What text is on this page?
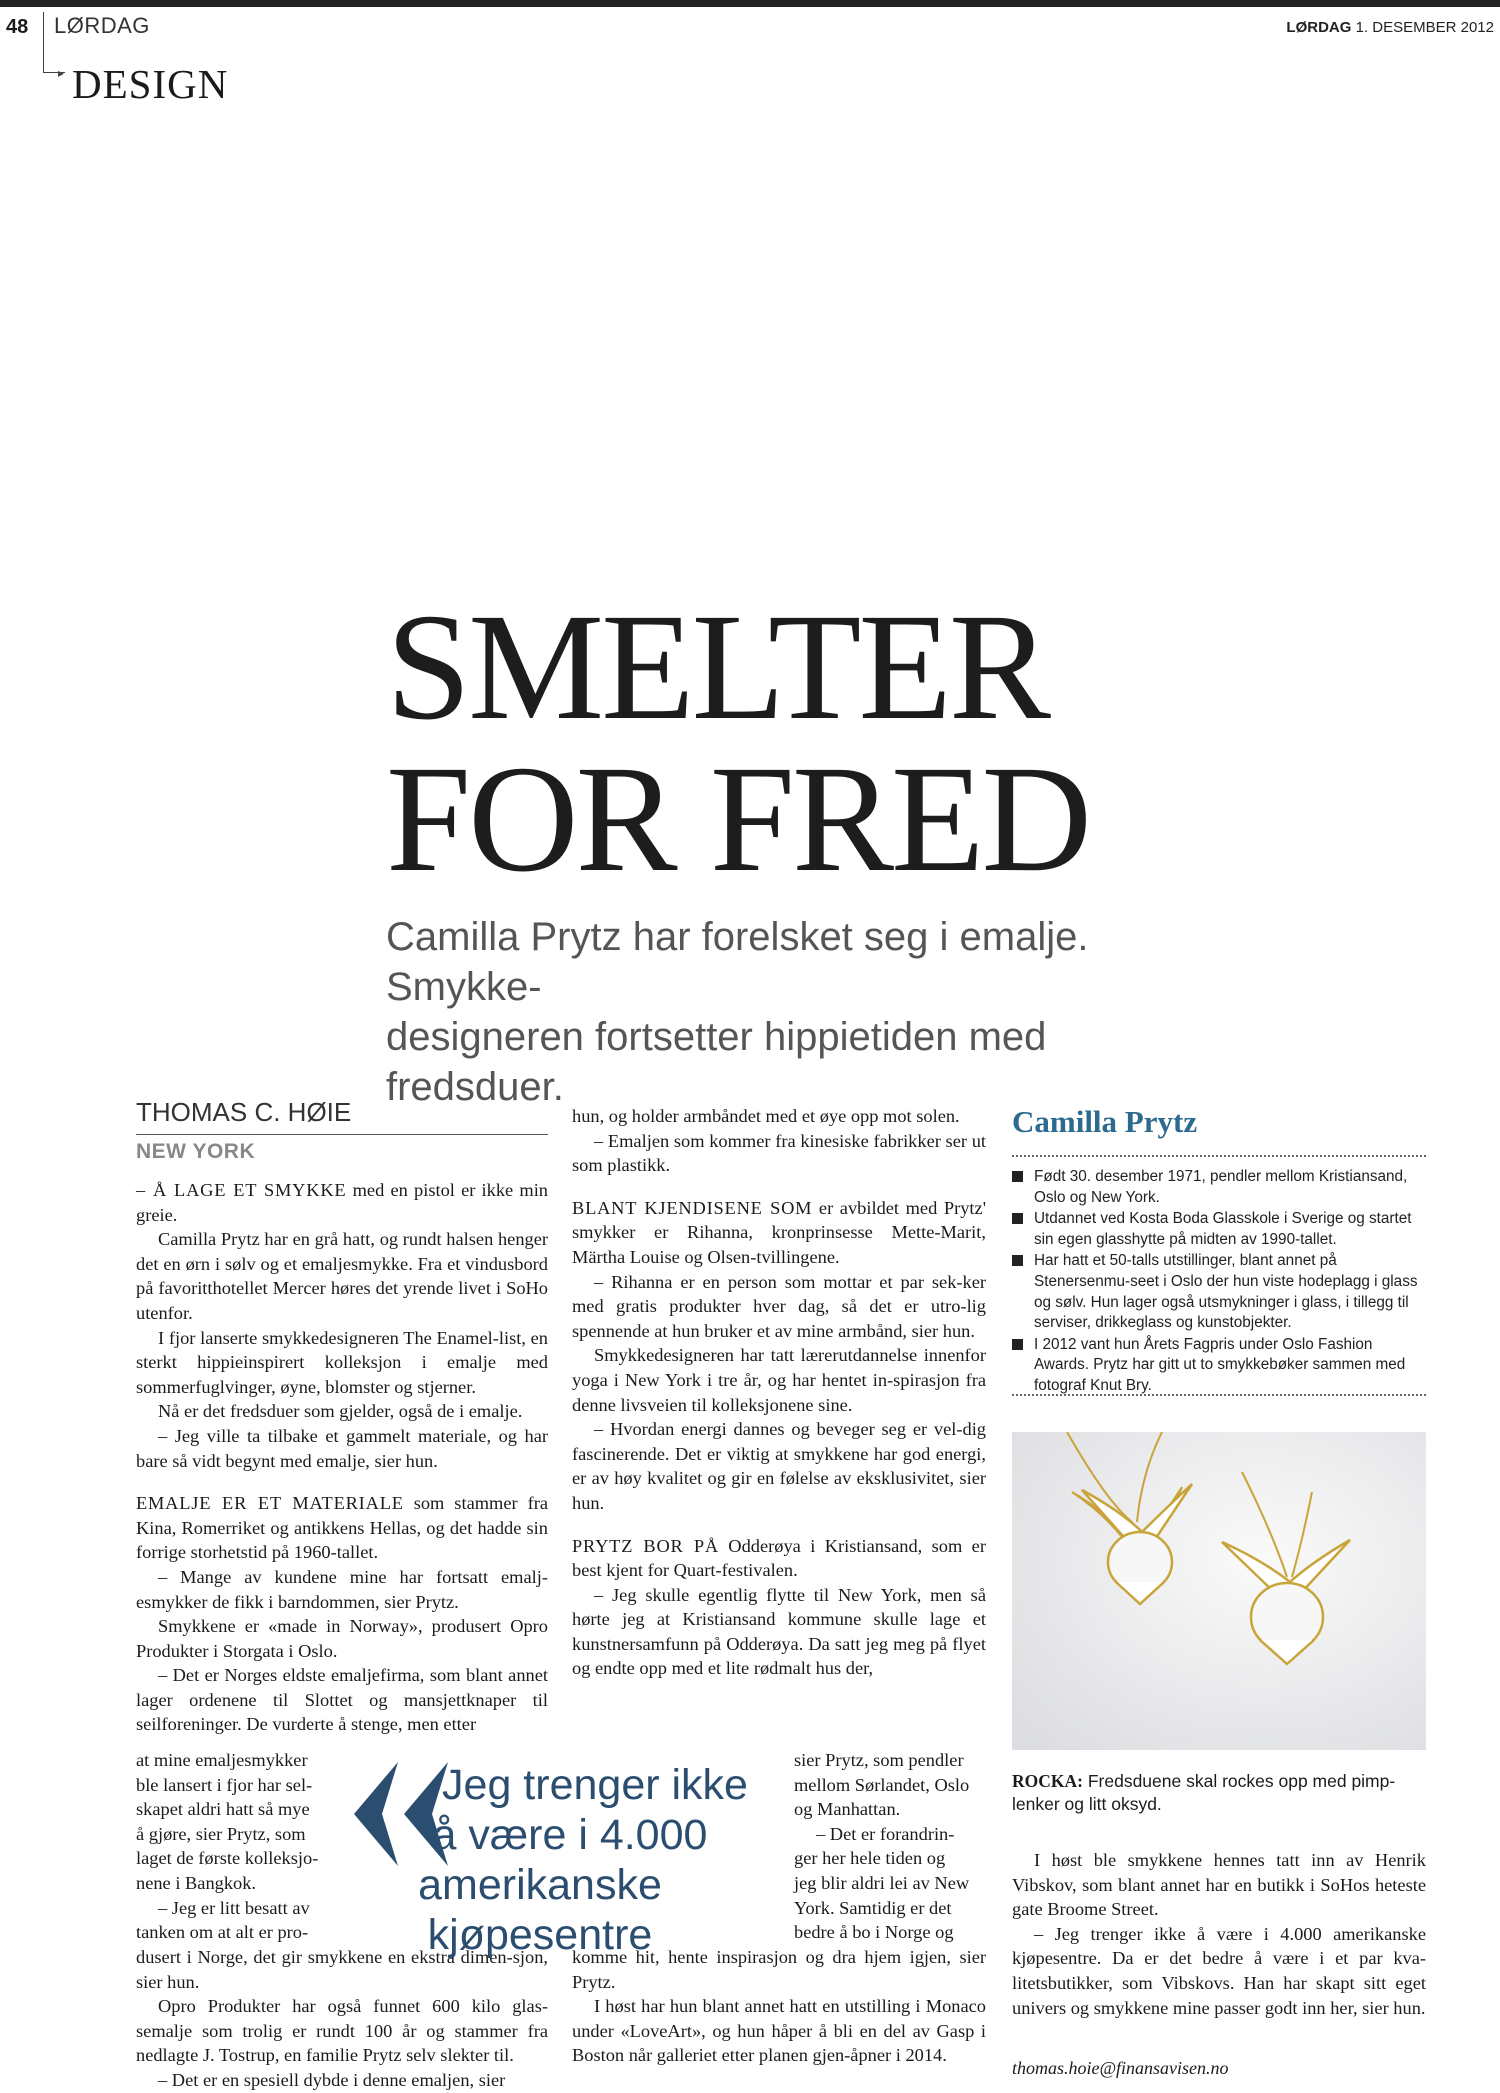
48 LØRDAG	LØRDAG 1. DESEMBER 2012
▸ DESIGN
SMELTER
FOR FRED
Camilla Prytz har forelsket seg i emalje. Smykke-
designeren fortsetter hippietiden med fredsduer.
THOMAS C. HØIE
NEW YORK

– Å LAGE ET SMYKKE med en pistol er ikke min greie.

Camilla Prytz har en grå hatt, og rundt halsen henger det en ørn i sølv og et emaljesmykke. Fra et vindusbord på favoritthotellet Mercer høres det yrende livet i SoHo utenfor.

I fjor lanserte smykkedesigneren The Enamel-list, en sterkt hippieinspirert kolleksjon i emalje med sommerfuglvinger, øyne, blomster og stjerner.

Nå er det fredsduer som gjelder, også de i emalje.

– Jeg ville ta tilbake et gammelt materiale, og har bare så vidt begynt med emalje, sier hun.

EMALJE ER ET MATERIALE som stammer fra Kina, Romerriket og antikkens Hellas, og det hadde sin forrige storhetstid på 1960-tallet.

– Mange av kundene mine har fortsatt emalj-esmykker de fikk i barndommen, sier Prytz.

Smykkene er «made in Norway», produsert Opro Produkter i Storgata i Oslo.

– Det er Norges eldste emaljefirma, som blant annet lager ordenene til Slottet og mansjettknaper til seilforeninger. De vurderte å stenge, men etter

at mine emaljesmykker
ble lansert i fjor har sel-
skapet aldri hatt så mye
å gjøre, sier Prytz, som
laget de første kolleksjo-
nene i Bangkok.
– Jeg er litt besatt av
tanken om at alt er pro-

dusert i Norge, det gir smykkene en ekstra dimen-sjon, sier hun.

Opro Produkter har også funnet 600 kilo glas-semalje som trolig er rundt 100 år og stammer fra nedlagte J. Tostrup, en familie Prytz selv slekter til.

– Det er en spesiell dybde i denne emaljen, sier

hun, og holder armbåndet med et øye opp mot solen.

– Emaljen som kommer fra kinesiske fabrikker ser ut som plastikk.

BLANT KJENDISENE SOM er avbildet med Prytz' smykker er Rihanna, kronprinsesse Mette-Marit, Märtha Louise og Olsen-tvillingene.

– Rihanna er en person som mottar et par sek-ker med gratis produkter hver dag, så det er utro-lig spennende at hun bruker et av mine armbånd, sier hun.

Smykkedesigneren har tatt lærerutdannelse innenfor yoga i New York i tre år, og har hentet in-spirasjon fra denne livsveien til kolleksjonene sine.

– Hvordan energi dannes og beveger seg er vel-dig fascinerende. Det er viktig at smykkene har god energi, er av høy kvalitet og gir en følelse av eksklusivitet, sier hun.

PRYTZ BOR PÅ Odderøya i Kristiansand, som er best kjent for Quart-festivalen.

– Jeg skulle egentlig flytte til New York, men så hørte jeg at Kristiansand kommune skulle lage et kunstnersamfunn på Odderøya. Da satt jeg meg på flyet og endte opp med et lite rødmalt hus der,

sier Prytz, som pendler
mellom Sørlandet, Oslo
og Manhattan.
– Det er forandrin-
ger her hele tiden og
jeg blir aldri lei av New
York. Samtidig er det
bedre å bo i Norge og

komme hit, hente inspirasjon og dra hjem igjen, sier Prytz.

I høst har hun blant annet hatt en utstilling i Monaco under «LoveArt», og hun håper å bli en del av Gasp i Boston når galleriet etter planen gjen-åpner i 2014.

Jeg trenger ikke
å være i 4.000
amerikanske kjøpesentre
Camilla Prytz
Født 30. desember 1971, pendler mellom Kristiansand, Oslo og New York.
Utdannet ved Kosta Boda Glasskole i Sverige og startet sin egen glasshytte på midten av 1990-tallet.
Har hatt et 50-talls utstillinger, blant annet på Stenersenmu-seet i Oslo der hun viste hodeplagg i glass og sølv. Hun lager også utsmykninger i glass, i tillegg til serviser, drikkeglass og kunstobjekter.
I 2012 vant hun Årets Fagpris under Oslo Fashion Awards. Prytz har gitt ut to smykkebøker sammen med fotograf Knut Bry.
ROCKA: Fredsduene skal rockes opp med pimp-lenker og litt oksyd.

I høst ble smykkene hennes tatt inn av Henrik Vibskov, som blant annet har en butikk i SoHos heteste gate Broome Street.

– Jeg trenger ikke å være i 4.000 amerikanske kjøpesentre. Da er det bedre å være i et par kva-litetsbutikker, som Vibskovs. Han har skapt sitt eget univers og smykkene mine passer godt inn her, sier hun.

thomas.hoie@finansavisen.no
